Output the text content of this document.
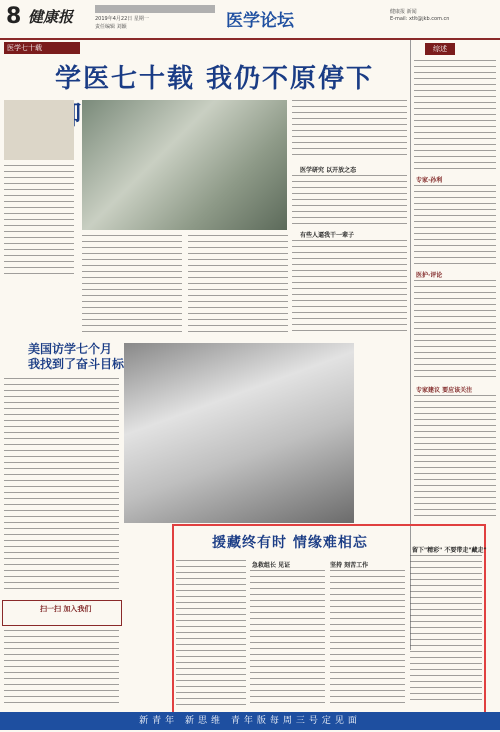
8 健康报	2019年4月22日 星期一
责任编辑 刘颖	医学论坛	健康报 新闻
E-mail: xtlt@jkb.com.cn
医学七十载	综述
学医七十载 我仍不原停下
医学研究 以开放之态
有些人逼我干一辈子
专家·孙利
医护·评论
专家建议 要应该关注
美国访学七个月
我找到了奋斗目标
扫一扫 加入我们
援藏终有时 情缘难相忘
急救组长 见证	坚持 刻苦工作
留下"精彩" 不要带走"藏走"
新青年 新思维 青年版每周三号定见面
